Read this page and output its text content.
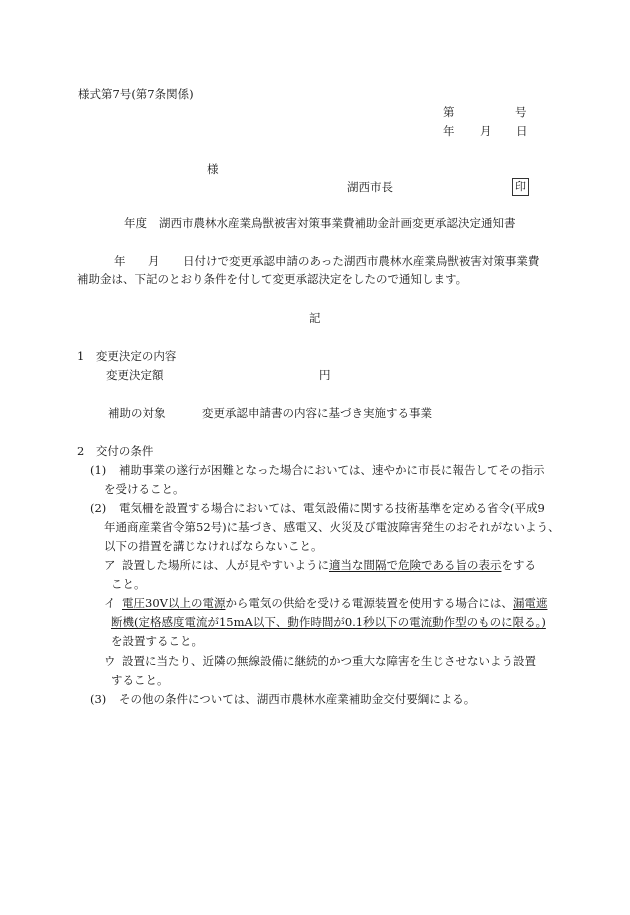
様式第7号(第7条関係)
第	号
年 月 日
様
湖西市長	印
年度 湖西市農林水産業鳥獣被害対策事業費補助金計画変更承認決定通知書
年 月 日付けで変更承認申請のあった湖西市農林水産業鳥獣被害対策事業費
補助金は、下記のとおり条件を付して変更承認決定をしたので通知します。
記
1　変更決定の内容
変更決定額	円
補助の対象	変更承認申請書の内容に基づき実施する事業
2　交付の条件
(1) 補助事業の遂行が困難となった場合においては、速やかに市長に報告してその指示
を受けること。
(2) 電気柵を設置する場合においては、電気設備に関する技術基準を定める省令(平成9
年通商産業省令第52号)に基づき、感電又、火災及び電波障害発生のおそれがないよう、
以下の措置を講じなければならないこと。
ア 設置した場所には、人が見やすいように適当な間隔で危険である旨の表示をする
こと。
イ 電圧30V以上の電源から電気の供給を受ける電源装置を使用する場合には、漏電遮
断機(定格感度電流が15mA以下、動作時間が0.1秒以下の電流動作型のものに限る。)
を設置すること。
ウ 設置に当たり、近隣の無線設備に継続的かつ重大な障害を生じさせないよう設置
すること。
(3) その他の条件については、湖西市農林水産業補助金交付要綱による。
